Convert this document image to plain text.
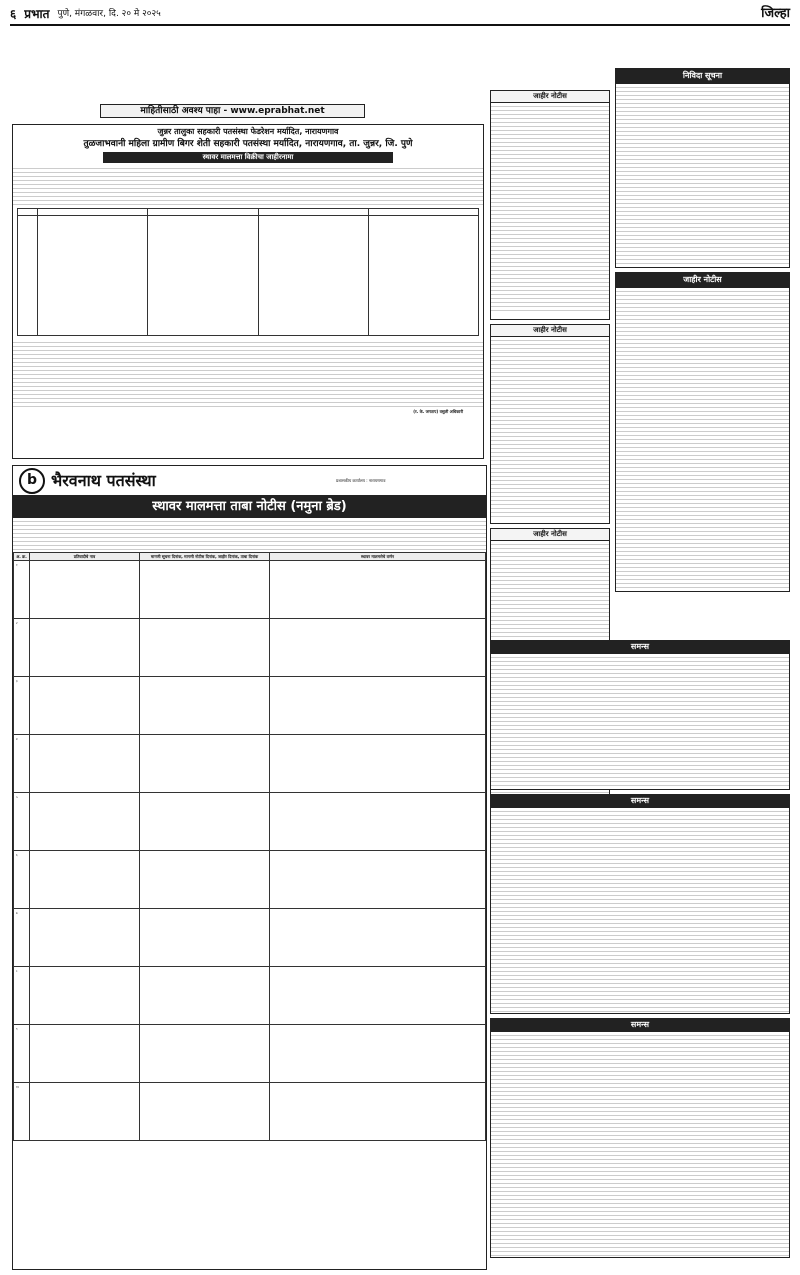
६ प्रभात पुणे, मंगळवार, दि. २० मे २०२५	जिल्हा
माहितीसाठी अवश्य पाहा - www.eprabhat.net
जुन्नर तालुका सहकारी पतसंस्था फेडरेशन मर्यादित, नारायणगाव
तुळजाभवानी महिला ग्रामीण बिगर शेती सहकारी पतसंस्था मर्यादित, नारायणगाव, ता. जुन्नर, जि. पुणे
स्थावर मालमत्ता विक्रीचा जाहीरनामा

(र. के. जगताप) वसुली अधिकारी
b भैरवनाथ पतसंस्था	प्रशासकीय कार्यालय : नारायणगाव
स्थावर मालमत्ता ताबा नोटीस (नमुना ब्रेड)
अ. क्र.	प्रतिवादीचे नाव	मागणी सूचना दिनांक, मागणी नोटीस दिनांक, जाहीर दिनांक, ताबा दिनांक	स्थावर मालमत्तेचे वर्णन
१			
२			
३			
४			
५			
६			
७			
८			
९			
१०			
जाहीर नोटीस
जाहीर नोटीस
जाहीर नोटीस
निविदा सूचना
जाहीर नोटीस
समन्स
समन्स
समन्स
